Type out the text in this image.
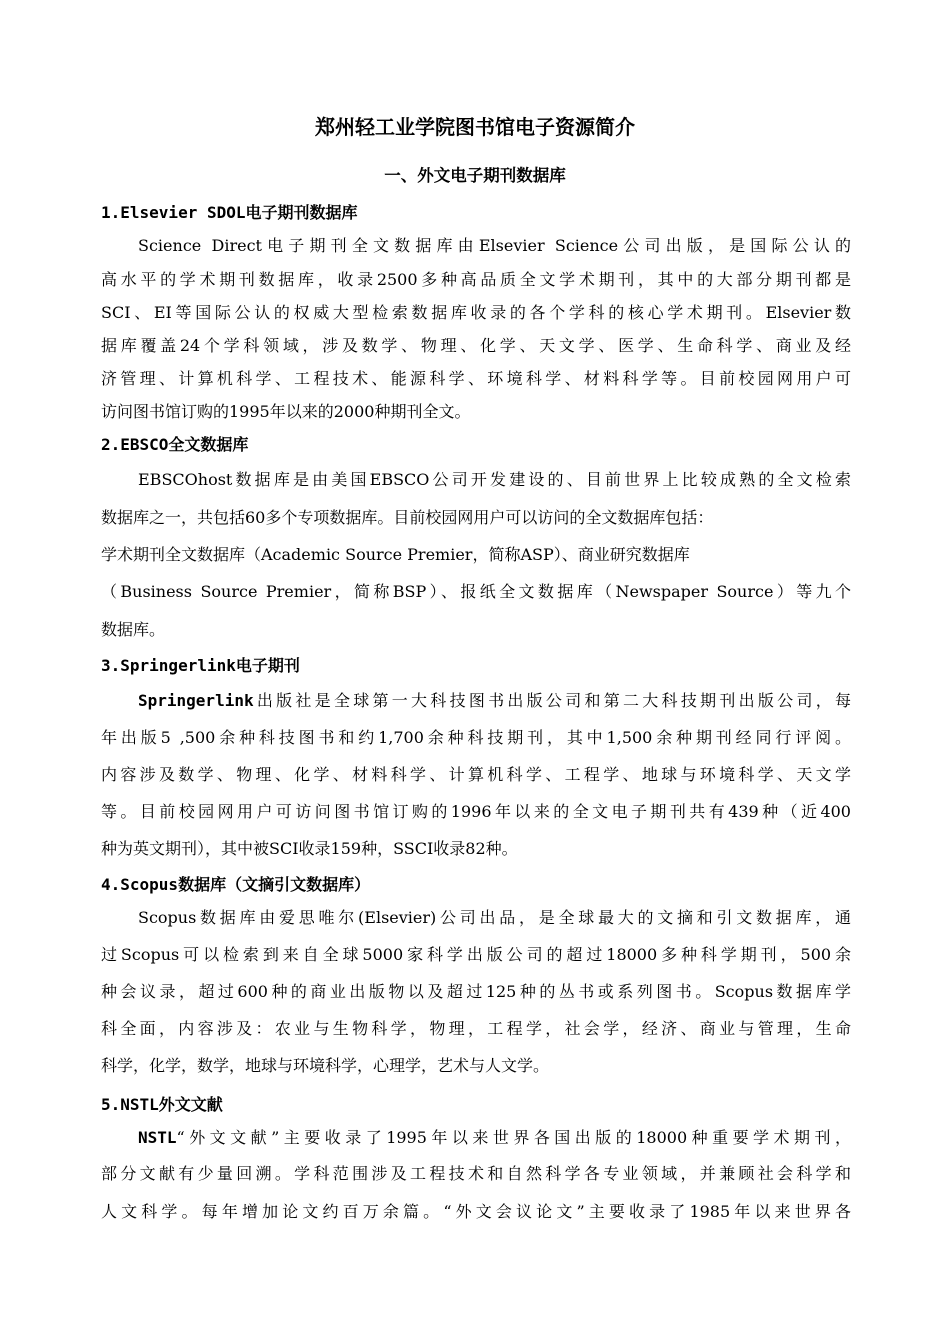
郑州轻工业学院图书馆电子资源简介
一、外文电子期刊数据库
1.Elsevier SDOL电子期刊数据库
Science Direct电子期刊全文数据库由Elsevier Science公司出版，是国际公认的
高水平的学术期刊数据库，收录2500多种高品质全文学术期刊，其中的大部分期刊都是
SCI、EI等国际公认的权威大型检索数据库收录的各个学科的核心学术期刊。Elsevier数
据库覆盖24个学科领域，涉及数学、物理、化学、天文学、医学、生命科学、商业及经
济管理、计算机科学、工程技术、能源科学、环境科学、材料科学等。目前校园网用户可
访问图书馆订购的1995年以来的2000种期刊全文。
2.EBSCO全文数据库
EBSCOhost数据库是由美国EBSCO公司开发建设的、目前世界上比较成熟的全文检索
数据库之一，共包括60多个专项数据库。目前校园网用户可以访问的全文数据库包括：
学术期刊全文数据库（Academic Source Premier，简称ASP）、商业研究数据库
（Business Source Premier，简称BSP）、报纸全文数据库（Newspaper Source）等九个
数据库。
3.Springerlink电子期刊
Springerlink出版社是全球第一大科技图书出版公司和第二大科技期刊出版公司，每
年出版5 ,500余种科技图书和约1,700余种科技期刊，其中1,500余种期刊经同行评阅。
内容涉及数学、物理、化学、材料科学、计算机科学、工程学、地球与环境科学、天文学
等。目前校园网用户可访问图书馆订购的1996年以来的全文电子期刊共有439种（近400
种为英文期刊），其中被SCI收录159种，SSCI收录82种。
4.Scopus数据库（文摘引文数据库）
Scopus数据库由爱思唯尔(Elsevier)公司出品，是全球最大的文摘和引文数据库，通
过Scopus可以检索到来自全球5000家科学出版公司的超过18000多种科学期刊，500余
种会议录，超过600种的商业出版物以及超过125种的丛书或系列图书。Scopus数据库学
科全面，内容涉及：农业与生物科学，物理，工程学，社会学，经济、商业与管理，生命
科学，化学，数学，地球与环境科学，心理学，艺术与人文学。
5.NSTL外文文献
NSTL“外文文献”主要收录了1995年以来世界各国出版的18000种重要学术期刊，
部分文献有少量回溯。学科范围涉及工程技术和自然科学各专业领域，并兼顾社会科学和
人文科学。每年增加论文约百万余篇。“外文会议论文”主要收录了1985年以来世界各
